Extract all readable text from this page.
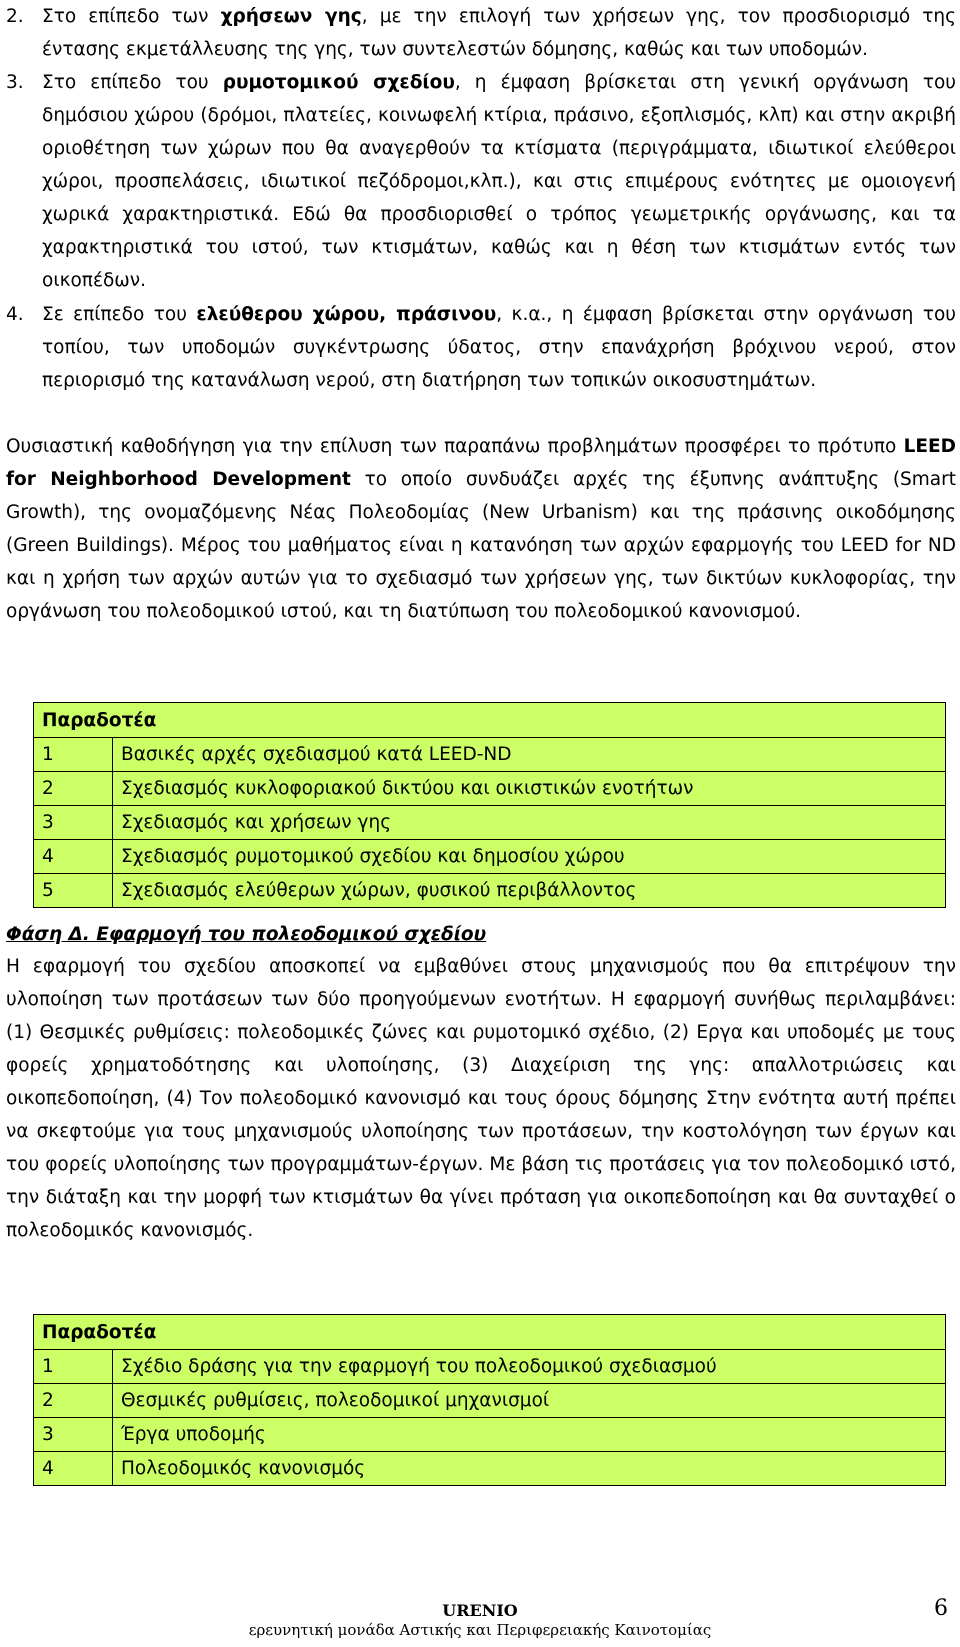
2. Στο επίπεδο των χρήσεων γης, με την επιλογή των χρήσεων γης, τον προσδιορισμό της έντασης εκμετάλλευσης της γης, των συντελεστών δόμησης, καθώς και των υποδομών.
3. Στο επίπεδο του ρυμοτομικού σχεδίου, η έμφαση βρίσκεται στη γενική οργάνωση του δημόσιου χώρου (δρόμοι, πλατείες, κοινωφελή κτίρια, πράσινο, εξοπλισμός, κλπ) και στην ακριβή οριοθέτηση των χώρων που θα αναγερθούν τα κτίσματα (περιγράμματα, ιδιωτικοί ελεύθεροι χώροι, προσπελάσεις, ιδιωτικοί πεζόδρομοι,κλπ.), και στις επιμέρους ενότητες με ομοιογενή χωρικά χαρακτηριστικά. Εδώ θα προσδιορισθεί ο τρόπος γεωμετρικής οργάνωσης, και τα χαρακτηριστικά του ιστού, των κτισμάτων, καθώς και η θέση των κτισμάτων εντός των οικοπέδων.
4. Σε επίπεδο του ελεύθερου χώρου, πράσινου, κ.α., η έμφαση βρίσκεται στην οργάνωση του τοπίου, των υποδομών συγκέντρωσης ύδατος, στην επανάχρήση βρόχινου νερού, στον περιορισμό της κατανάλωση νερού, στη διατήρηση των τοπικών οικοσυστημάτων.
Ουσιαστική καθοδήγηση για την επίλυση των παραπάνω προβλημάτων προσφέρει το πρότυπο LEED for Neighborhood Development το οποίο συνδυάζει αρχές της έξυπνης ανάπτυξης (Smart Growth), της ονομαζόμενης Νέας Πολεοδομίας (New Urbanism) και της πράσινης οικοδόμησης (Green Buildings). Μέρος του μαθήματος είναι η κατανόηση των αρχών εφαρμογής του LEED for ND και η χρήση των αρχών αυτών για το σχεδιασμό των χρήσεων γης, των δικτύων κυκλοφορίας, την οργάνωση του πολεοδομικού ιστού, και τη διατύπωση του πολεοδομικού κανονισμού.
Παραδοτέα	
1	Βασικές αρχές σχεδιασμού κατά LEED-ND
2	Σχεδιασμός κυκλοφοριακού δικτύου και οικιστικών ενοτήτων
3	Σχεδιασμός και χρήσεων γης
4	Σχεδιασμός ρυμοτομικού σχεδίου και δημοσίου χώρου
5	Σχεδιασμός ελεύθερων χώρων, φυσικού περιβάλλοντος
Φάση Δ. Εφαρμογή του πολεοδομικού σχεδίου
Η εφαρμογή του σχεδίου αποσκοπεί να εμβαθύνει στους μηχανισμούς που θα επιτρέψουν την υλοποίηση των προτάσεων των δύο προηγούμενων ενοτήτων. Η εφαρμογή συνήθως περιλαμβάνει: (1) Θεσμικές ρυθμίσεις: πολεοδομικές ζώνες και ρυμοτομικό σχέδιο, (2) Εργα και υποδομές με τους φορείς χρηματοδότησης και υλοποίησης, (3) Διαχείριση της γης: απαλλοτριώσεις και οικοπεδοποίηση, (4) Τον πολεοδομικό κανονισμό και τους όρους δόμησης Στην ενότητα αυτή πρέπει να σκεφτούμε για τους μηχανισμούς υλοποίησης των προτάσεων, την κοστολόγηση των έργων και του φορείς υλοποίησης των προγραμμάτων-έργων. Με βάση τις προτάσεις για τον πολεοδομικό ιστό, την διάταξη και την μορφή των κτισμάτων θα γίνει πρόταση για οικοπεδοποίηση και θα συνταχθεί ο πολεοδομικός κανονισμός.
Παραδοτέα	
1	Σχέδιο δράσης για την εφαρμογή του πολεοδομικού σχεδιασμού
2	Θεσμικές ρυθμίσεις, πολεοδομικοί μηχανισμοί
3	Έργα υποδομής
4	Πολεοδομικός κανονισμός
URENIO
ερευνητική μονάδα Αστικής και Περιφερειακής Καινοτομίας
6
